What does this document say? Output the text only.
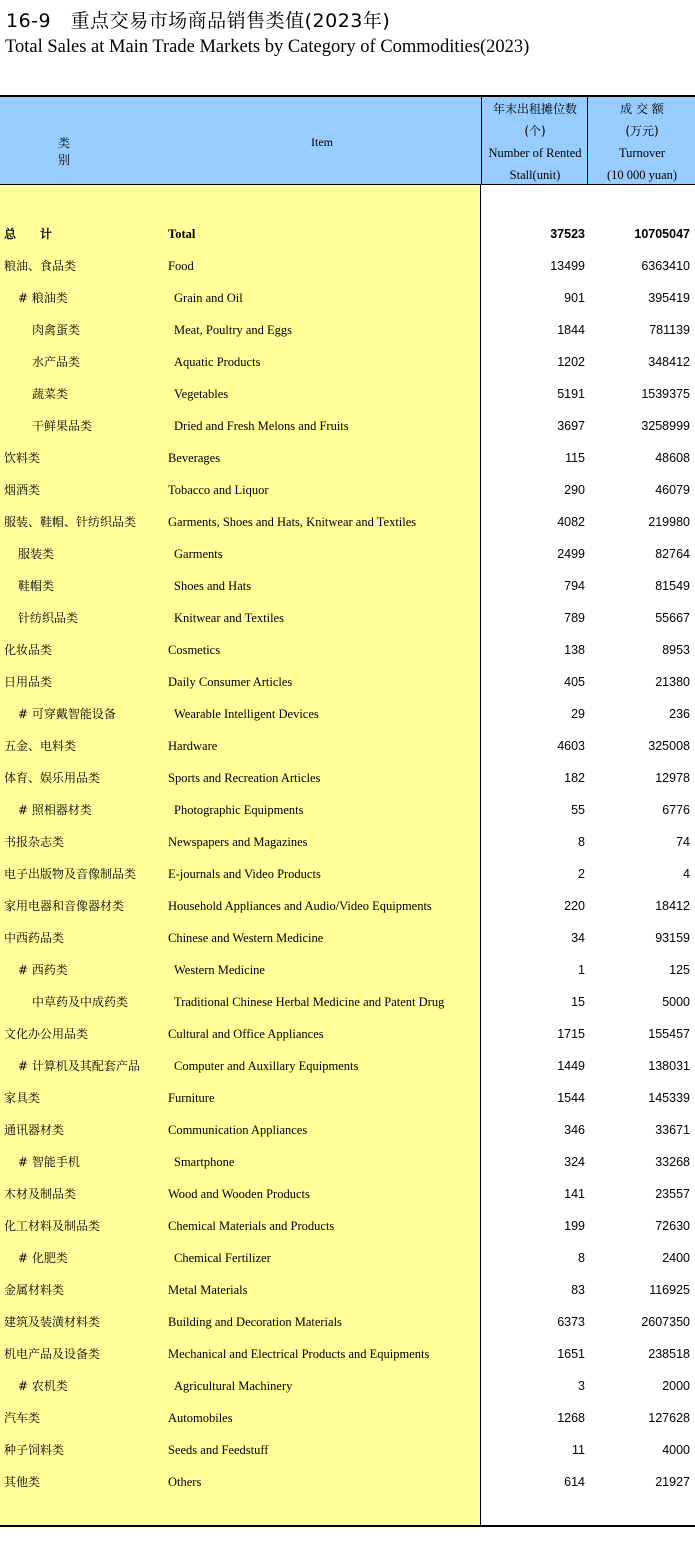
16-9　重点交易市场商品销售类值(2023年)
Total Sales at Main Trade Markets by Category of Commodities(2023)
类　别
Item
年末出租摊位数
(个)
Number of Rented
Stall(unit)
成 交 额
(万元)
Turnover
(10 000 yuan)
总　　计	Total	37523	10705047
粮油、食品类	Food	13499	6363410
# 粮油类	Grain and Oil	901	395419
肉禽蛋类	Meat, Poultry and Eggs	1844	781139
水产品类	Aquatic Products	1202	348412
蔬菜类	Vegetables	5191	1539375
干鲜果品类	Dried and Fresh Melons and Fruits	3697	3258999
饮料类	Beverages	115	48608
烟酒类	Tobacco and Liquor	290	46079
服装、鞋帽、针纺织品类	Garments, Shoes and Hats, Knitwear and Textiles	4082	219980
服装类	Garments	2499	82764
鞋帽类	Shoes and Hats	794	81549
针纺织品类	Knitwear and Textiles	789	55667
化妆品类	Cosmetics	138	8953
日用品类	Daily Consumer Articles	405	21380
# 可穿戴智能设备	Wearable Intelligent Devices	29	236
五金、电料类	Hardware	4603	325008
体育、娱乐用品类	Sports and Recreation Articles	182	12978
# 照相器材类	Photographic Equipments	55	6776
书报杂志类	Newspapers and Magazines	8	74
电子出版物及音像制品类	E-journals and Video Products	2	4
家用电器和音像器材类	Household Appliances and Audio/Video Equipments	220	18412
中西药品类	Chinese and Western Medicine	34	93159
# 西药类	Western Medicine	1	125
中草药及中成药类	Traditional Chinese Herbal Medicine and Patent Drug	15	5000
文化办公用品类	Cultural and Office Appliances	1715	155457
# 计算机及其配套产品	Computer and Auxillary Equipments	1449	138031
家具类	Furniture	1544	145339
通讯器材类	Communication Appliances	346	33671
# 智能手机	Smartphone	324	33268
木材及制品类	Wood and Wooden Products	141	23557
化工材料及制品类	Chemical Materials and Products	199	72630
# 化肥类	Chemical Fertilizer	8	2400
金属材料类	Metal Materials	83	116925
建筑及装潢材料类	Building and Decoration Materials	6373	2607350
机电产品及设备类	Mechanical and Electrical Products and Equipments	1651	238518
# 农机类	Agricultural Machinery	3	2000
汽车类	Automobiles	1268	127628
种子饲料类	Seeds and Feedstuff	11	4000
其他类	Others	614	21927
